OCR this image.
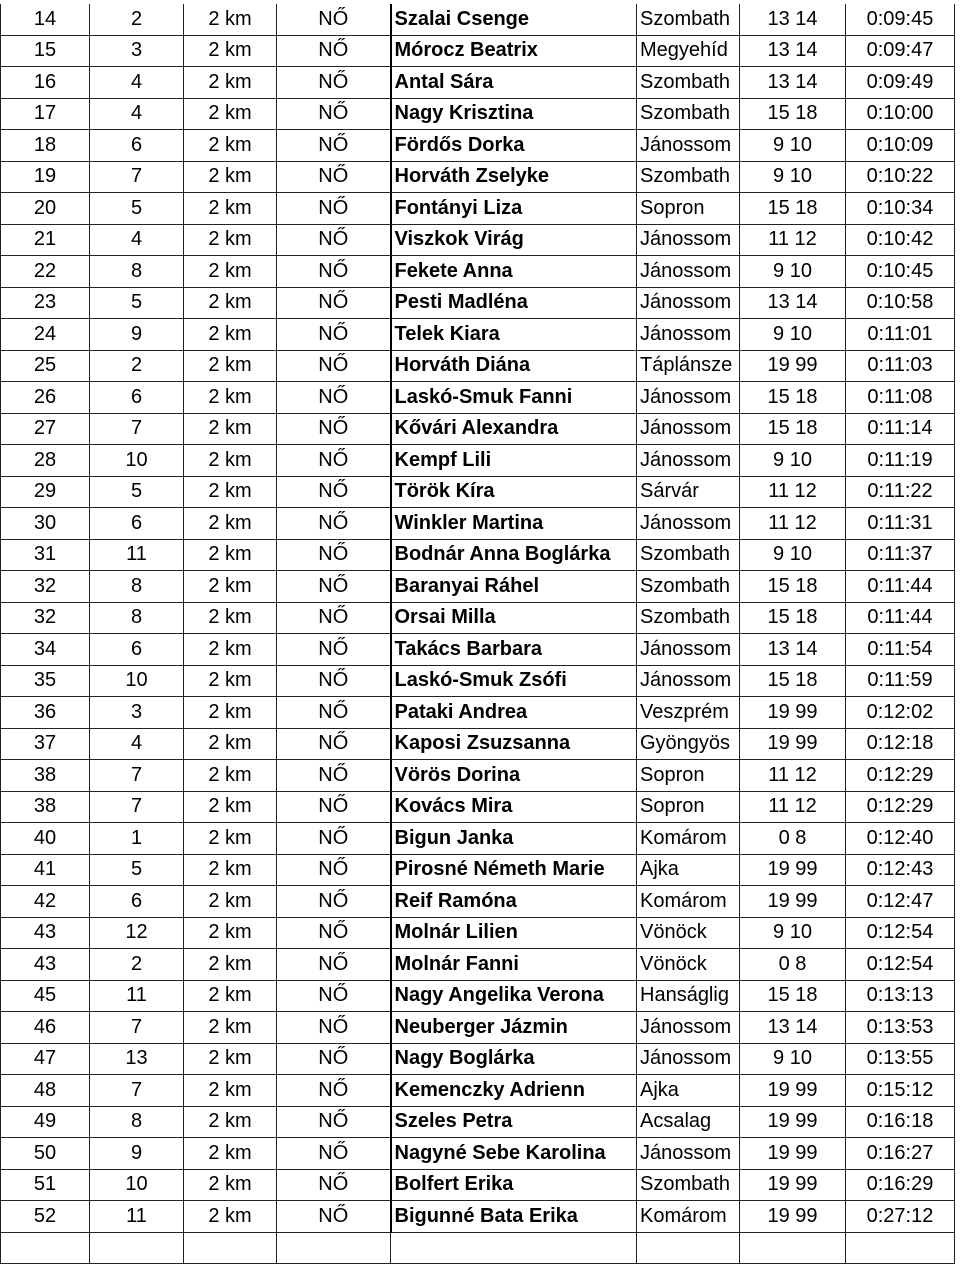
14	2	2 km	NŐ	Szalai Csenge	Szombath	13 14	0:09:45
15	3	2 km	NŐ	Mórocz Beatrix	Megyehíd	13 14	0:09:47
16	4	2 km	NŐ	Antal Sára	Szombath	13 14	0:09:49
17	4	2 km	NŐ	Nagy Krisztina	Szombath	15 18	0:10:00
18	6	2 km	NŐ	Fördős Dorka	Jánossom	9 10	0:10:09
19	7	2 km	NŐ	Horváth Zselyke	Szombath	9 10	0:10:22
20	5	2 km	NŐ	Fontányi Liza	Sopron	15 18	0:10:34
21	4	2 km	NŐ	Viszkok Virág	Jánossom	11 12	0:10:42
22	8	2 km	NŐ	Fekete Anna	Jánossom	9 10	0:10:45
23	5	2 km	NŐ	Pesti Madléna	Jánossom	13 14	0:10:58
24	9	2 km	NŐ	Telek Kiara	Jánossom	9 10	0:11:01
25	2	2 km	NŐ	Horváth Diána	Táplánsze	19 99	0:11:03
26	6	2 km	NŐ	Laskó-Smuk Fanni	Jánossom	15 18	0:11:08
27	7	2 km	NŐ	Kővári Alexandra	Jánossom	15 18	0:11:14
28	10	2 km	NŐ	Kempf Lili	Jánossom	9 10	0:11:19
29	5	2 km	NŐ	Török Kíra	Sárvár	11 12	0:11:22
30	6	2 km	NŐ	Winkler Martina	Jánossom	11 12	0:11:31
31	11	2 km	NŐ	Bodnár Anna Boglárka	Szombath	9 10	0:11:37
32	8	2 km	NŐ	Baranyai Ráhel	Szombath	15 18	0:11:44
32	8	2 km	NŐ	Orsai Milla	Szombath	15 18	0:11:44
34	6	2 km	NŐ	Takács Barbara	Jánossom	13 14	0:11:54
35	10	2 km	NŐ	Laskó-Smuk Zsófi	Jánossom	15 18	0:11:59
36	3	2 km	NŐ	Pataki Andrea	Veszprém	19 99	0:12:02
37	4	2 km	NŐ	Kaposi Zsuzsanna	Gyöngyös	19 99	0:12:18
38	7	2 km	NŐ	Vörös Dorina	Sopron	11 12	0:12:29
38	7	2 km	NŐ	Kovács Mira	Sopron	11 12	0:12:29
40	1	2 km	NŐ	Bigun Janka	Komárom	0 8	0:12:40
41	5	2 km	NŐ	Pirosné Németh Marie	Ajka	19 99	0:12:43
42	6	2 km	NŐ	Reif Ramóna	Komárom	19 99	0:12:47
43	12	2 km	NŐ	Molnár Lilien	Vönöck	9 10	0:12:54
43	2	2 km	NŐ	Molnár Fanni	Vönöck	0 8	0:12:54
45	11	2 km	NŐ	Nagy Angelika Verona	Hanságlig	15 18	0:13:13
46	7	2 km	NŐ	Neuberger Jázmin	Jánossom	13 14	0:13:53
47	13	2 km	NŐ	Nagy Boglárka	Jánossom	9 10	0:13:55
48	7	2 km	NŐ	Kemenczky Adrienn	Ajka	19 99	0:15:12
49	8	2 km	NŐ	Szeles Petra	Acsalag	19 99	0:16:18
50	9	2 km	NŐ	Nagyné Sebe Karolina	Jánossom	19 99	0:16:27
51	10	2 km	NŐ	Bolfert Erika	Szombath	19 99	0:16:29
52	11	2 km	NŐ	Bigunné Bata Erika	Komárom	19 99	0:27:12
